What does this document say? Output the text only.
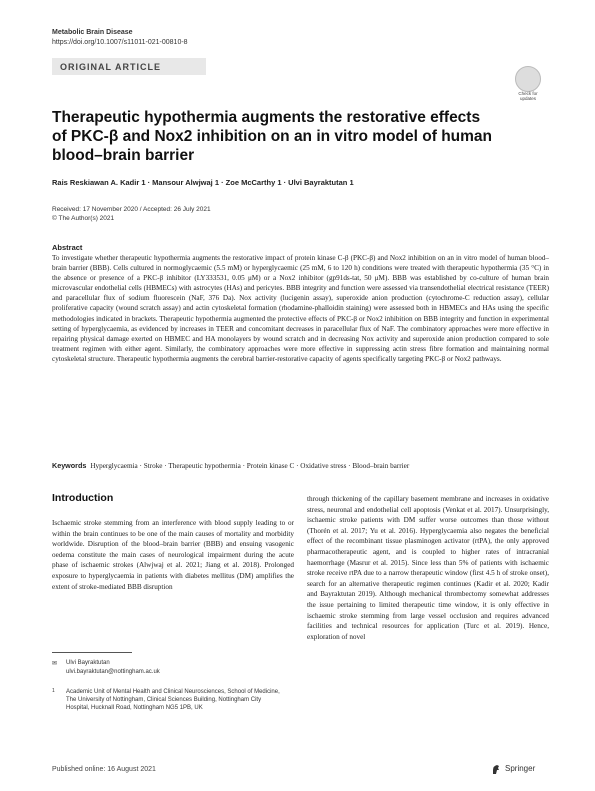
Metabolic Brain Disease
https://doi.org/10.1007/s11011-021-00810-8
ORIGINAL ARTICLE
Check for updates
Therapeutic hypothermia augments the restorative effects of PKC-β and Nox2 inhibition on an in vitro model of human blood–brain barrier
Rais Reskiawan A. Kadir 1 · Mansour Alwjwaj 1 · Zoe McCarthy 1 · Ulvi Bayraktutan 1
Received: 17 November 2020 / Accepted: 26 July 2021
© The Author(s) 2021
Abstract
To investigate whether therapeutic hypothermia augments the restorative impact of protein kinase C-β (PKC-β) and Nox2 inhibition on an in vitro model of human blood–brain barrier (BBB). Cells cultured in normoglycaemic (5.5 mM) or hyperglycaemic (25 mM, 6 to 120 h) conditions were treated with therapeutic hypothermia (35 °C) in the absence or presence of a PKC-β inhibitor (LY333531, 0.05 μM) or a Nox2 inhibitor (gp91ds-tat, 50 μM). BBB was established by co-culture of human brain microvascular endothelial cells (HBMECs) with astrocytes (HAs) and pericytes. BBB integrity and function were assessed via transendothelial electrical resistance (TEER) and paracellular flux of sodium fluorescein (NaF, 376 Da). Nox activity (lucigenin assay), superoxide anion production (cytochrome-C reduction assay), cellular proliferative capacity (wound scratch assay) and actin cytoskeletal formation (rhodamine-phalloidin staining) were assessed both in HBMECs and HAs using the specific methodologies indicated in brackets. Therapeutic hypothermia augmented the protective effects of PKC-β or Nox2 inhibition on BBB integrity and function in experimental setting of hyperglycaemia, as evidenced by increases in TEER and concomitant decreases in paracellular flux of NaF. The combinatory approaches were more effective in repairing physical damage exerted on HBMEC and HA monolayers by wound scratch and in decreasing Nox activity and superoxide anion production compared to sole treatment regimen with either agent. Similarly, the combinatory approaches were more effective in suppressing actin stress fibre formation and maintaining normal cytoskeletal structure. Therapeutic hypothermia augments the cerebral barrier-restorative capacity of agents specifically targeting PKC-β or Nox2 pathways.
Keywords Hyperglycaemia · Stroke · Therapeutic hypothermia · Protein kinase C · Oxidative stress · Blood–brain barrier
Introduction
Ischaemic stroke stemming from an interference with blood supply leading to or within the brain continues to be one of the main causes of mortality and morbidity worldwide. Disruption of the blood–brain barrier (BBB) and ensuing vasogenic oedema constitute the main cases of neurological impairment during the acute phase of ischaemic strokes (Alwjwaj et al. 2021; Jiang et al. 2018). Prolonged exposure to hyperglycaemia in patients with diabetes mellitus (DM) amplifies the extent of stroke-mediated BBB disruption
through thickening of the capillary basement membrane and increases in oxidative stress, neuronal and endothelial cell apoptosis (Venkat et al. 2017). Unsurprisingly, ischaemic stroke patients with DM suffer worse outcomes than those without (Thorén et al. 2017; Yu et al. 2016). Hyperglycaemia also negates the beneficial effect of the recombinant tissue plasminogen activator (rtPA), the only approved pharmacotherapeutic agent, and is coupled to higher rates of intracranial haemorrhage (Masrur et al. 2015). Since less than 5% of patients with ischaemic stroke receive rtPA due to a narrow therapeutic window (first 4.5 h of stroke onset), search for an alternative therapeutic regimen continues (Kadir et al. 2020; Kadir and Bayraktutan 2019). Although mechanical thrombectomy somewhat addresses the issue pertaining to limited therapeutic time window, it is only effective in ischaemic stroke stemming from large vessel occlusion and requires advanced facilities and technical resources for application (Turc et al. 2019). Hence, exploration of novel
✉ Ulvi Bayraktutan
ulvi.bayraktutan@nottingham.ac.uk
1 Academic Unit of Mental Health and Clinical Neurosciences, School of Medicine, The University of Nottingham, Clinical Sciences Building, Nottingham City Hospital, Hucknall Road, Nottingham NG5 1PB, UK
Published online: 16 August 2021	Springer
